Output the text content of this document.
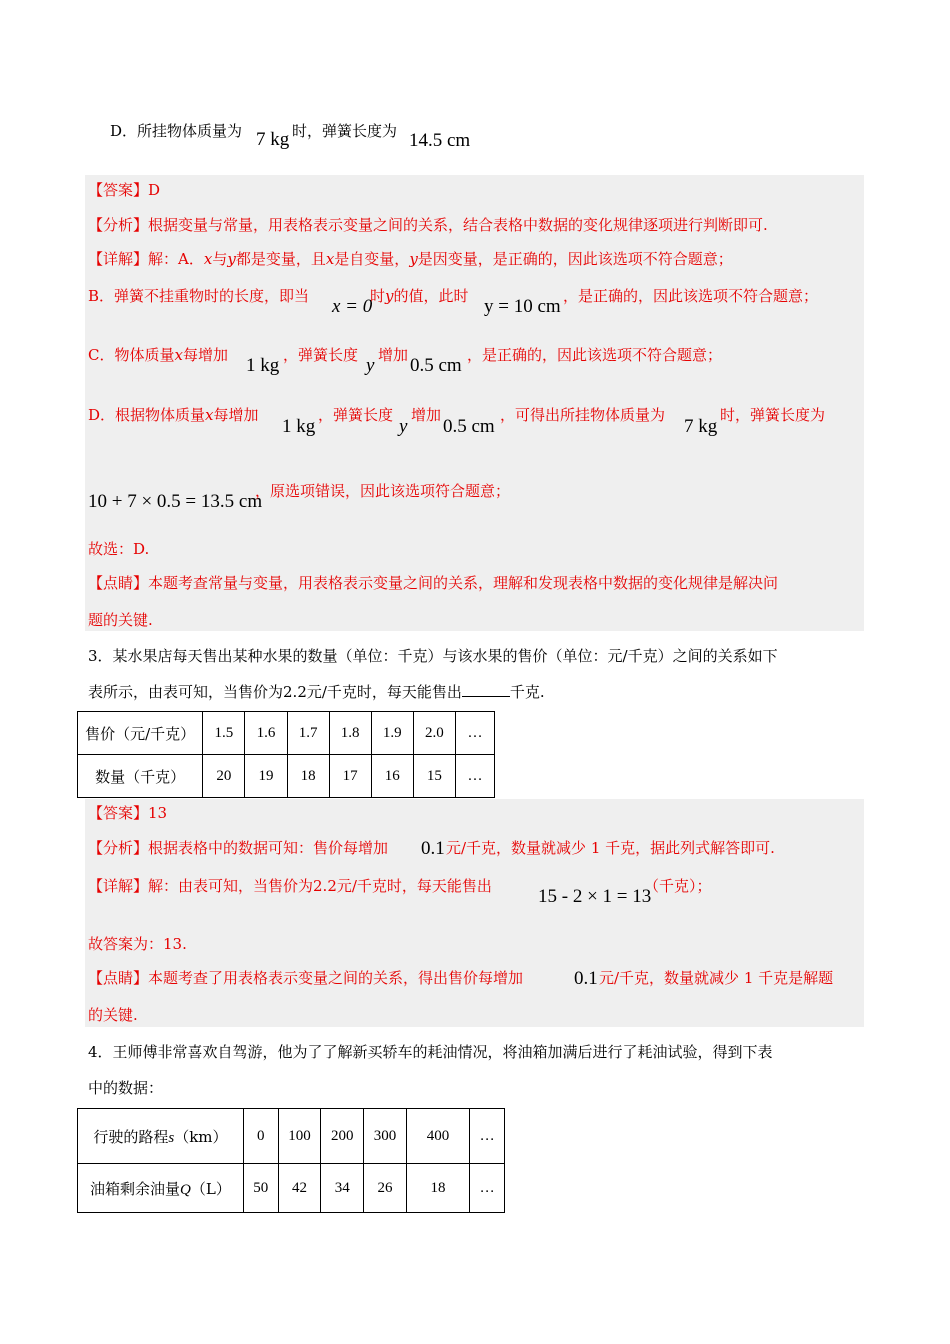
D．所挂物体质量为 7 kg 时，弹簧长度为 14.5 cm
【答案】D
【分析】根据变量与常量，用表格表示变量之间的关系，结合表格中数据的变化规律逐项进行判断即可.
【详解】解：A．x与y都是变量，且x是自变量，y是因变量，是正确的，因此该选项不符合题意；
B．弹簧不挂重物时的长度，即当 x = 0
时y的值，此时 y = 10 cm ，是正确的，因此该选项不符合题意；
C．物体质量x每增加 1 kg ，弹簧长度 y 增加 0.5 cm ，是正确的，因此该选项不符合题意；
D．根据物体质量x每增加
1 kg
，弹簧长度
y
增加
0.5 cm
，可得出所挂物体质量为
7 kg
时，弹簧长度为
10 + 7 × 0.5 = 13.5 cm
，原选项错误，因此该选项符合题意；
故选：D.
【点睛】本题考查常量与变量，用表格表示变量之间的关系，理解和发现表格中数据的变化规律是解决问
题的关键.
3．某水果店每天售出某种水果的数量（单位：千克）与该水果的售价（单位：元/千克）之间的关系如下
表所示，由表可知，当售价为2.2元/千克时，每天能售出	千克.
售价（元/千克）	1.5	1.6	1.7	1.8	1.9	2.0	…
数量（千克）	20	19	18	17	16	15	…
【答案】13
【分析】根据表格中的数据可知：售价每增加 0.1 元/千克，数量就减少 1 千克，据此列式解答即可.
【详解】解：由表可知，当售价为2.2元/千克时，每天能售出 15 - 2 × 1 = 13
（千克）；
故答案为：13.
【点睛】本题考查了用表格表示变量之间的关系，得出售价每增加	0.1 元/千克，数量就减少 1 千克是解题
的关键.
4．王师傅非常喜欢自驾游，他为了了解新买轿车的耗油情况，将油箱加满后进行了耗油试验，得到下表
中的数据：
行驶的路程s（km）	0	100	200	300	400	…
油箱剩余油量Q（L）	50	42	34	26	18	…
